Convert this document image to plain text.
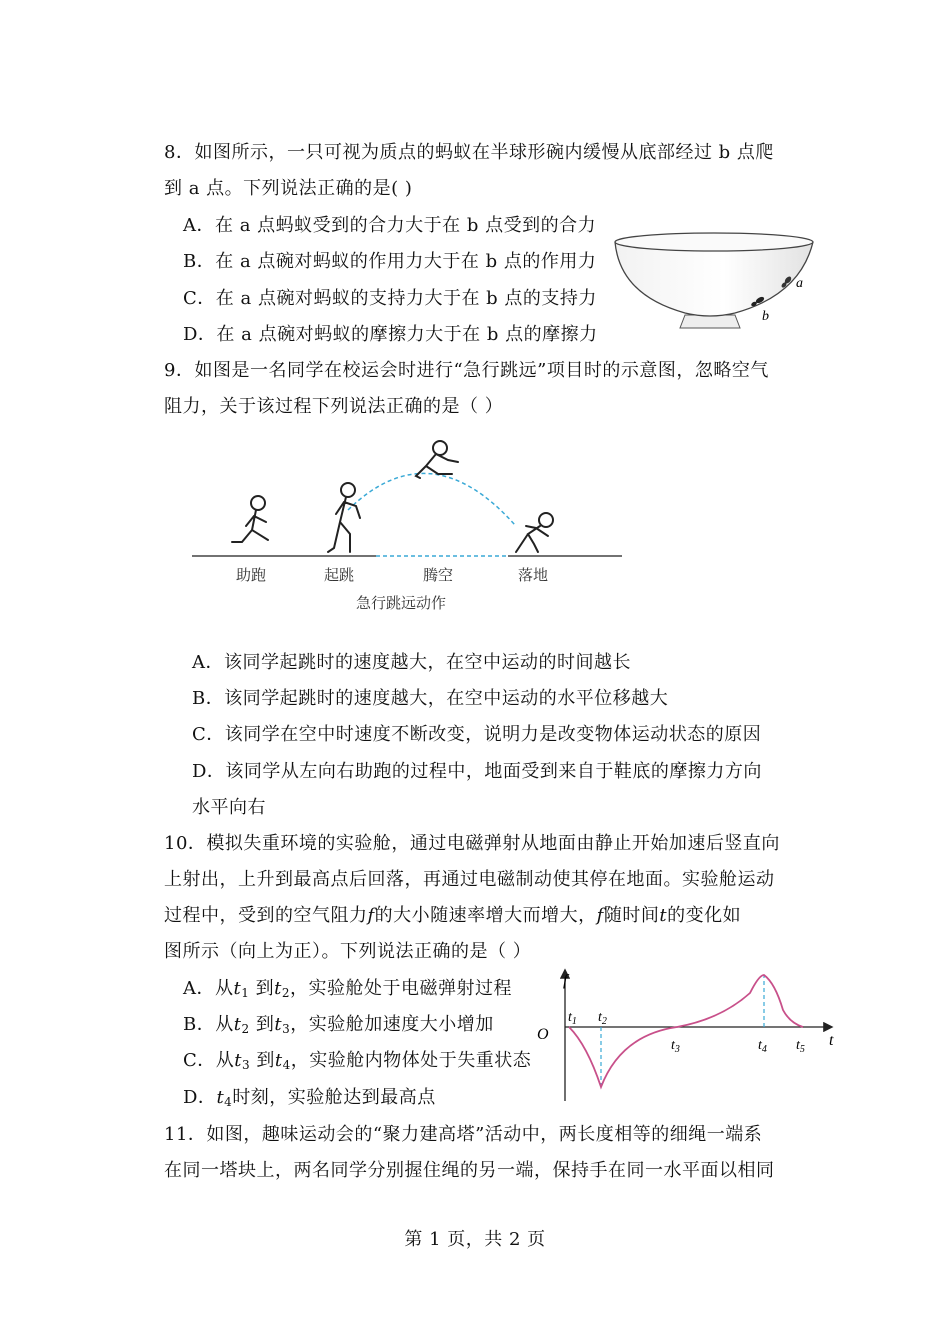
8．如图所示，一只可视为质点的蚂蚁在半球形碗内缓慢从底部经过 b 点爬
到 a 点。下列说法正确的是( )
A．在 a 点蚂蚁受到的合力大于在 b 点受到的合力
B．在 a 点碗对蚂蚁的作用力大于在 b 点的作用力
C．在 a 点碗对蚂蚁的支持力大于在 b 点的支持力
D．在 a 点碗对蚂蚁的摩擦力大于在 b 点的摩擦力
a
b
9．如图是一名同学在校运会时进行“急行跳远”项目时的示意图，忽略空气
阻力，关于该过程下列说法正确的是（ ）
助跑	起跳	腾空	落地
急行跳远动作
A．该同学起跳时的速度越大，在空中运动的时间越长
B．该同学起跳时的速度越大，在空中运动的水平位移越大
C．该同学在空中时速度不断改变，说明力是改变物体运动状态的原因
D．该同学从左向右助跑的过程中，地面受到来自于鞋底的摩擦力方向
水平向右
10．模拟失重环境的实验舱，通过电磁弹射从地面由静止开始加速后竖直向
上射出，上升到最高点后回落，再通过电磁制动使其停在地面。实验舱运动
过程中，受到的空气阻力f的大小随速率增大而增大，f随时间t的变化如
图所示（向上为正）。下列说法正确的是（ ）
A．从$t_1$ 到$t_2$，实验舱处于电磁弹射过程
B．从$t_2$ 到$t_3$，实验舱加速度大小增加
C．从$t_3$ 到$t_4$，实验舱内物体处于失重状态
D．$t_4$时刻，实验舱达到最高点
f
t
O
$t_1$ $t_2$
$t_3$	$t_4$ $t_5$
11．如图，趣味运动会的“聚力建高塔”活动中，两长度相等的细绳一端系
在同一塔块上，两名同学分别握住绳的另一端，保持手在同一水平面以相同
第 1 页，共 2 页
